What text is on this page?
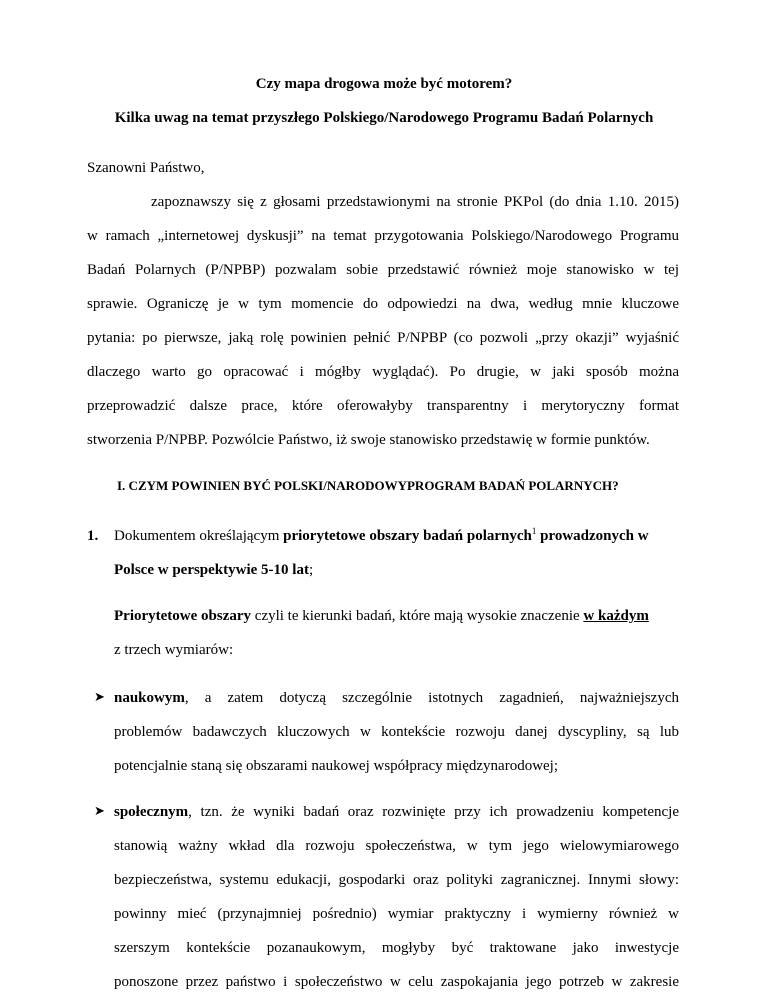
Czy mapa drogowa może być motorem?
Kilka uwag na temat przyszłego Polskiego/Narodowego Programu Badań Polarnych
Szanowni Państwo,
zapoznawszy się z głosami przedstawionymi na stronie PKPol (do dnia 1.10. 2015)
w ramach „internetowej dyskusji” na temat przygotowania Polskiego/Narodowego Programu
Badań Polarnych (P/NPBP) pozwalam sobie przedstawić również moje stanowisko w tej
sprawie. Ograniczę je w tym momencie do odpowiedzi na dwa, według mnie kluczowe
pytania: po pierwsze, jaką rolę powinien pełnić P/NPBP (co pozwoli „przy okazji” wyjaśnić
dlaczego warto go opracować i mógłby wyglądać). Po drugie, w jaki sposób można
przeprowadzić dalsze prace, które oferowałyby transparentny i merytoryczny format
stworzenia P/NPBP. Pozwólcie Państwo, iż swoje stanowisko przedstawię w formie punktów.
I. CZYM POWINIEN BYĆ POLSKI/NARODOWYPROGRAM BADAŃ POLARNYCH?
1. Dokumentem określającym priorytetowe obszary badań polarnych$^1$ prowadzonych w
Polsce w perspektywie 5-10 lat;
Priorytetowe obszary czyli te kierunki badań, które mają wysokie znaczenie w każdym
z trzech wymiarów:
➤ naukowym, a zatem dotyczą szczególnie istotnych zagadnień, najważniejszych
problemów badawczych kluczowych w kontekście rozwoju danej dyscypliny, są lub
potencjalnie staną się obszarami naukowej współpracy międzynarodowej;
➤ społecznym, tzn. że wyniki badań oraz rozwinięte przy ich prowadzeniu kompetencje
stanowią ważny wkład dla rozwoju społeczeństwa, w tym jego wielowymiarowego
bezpieczeństwa, systemu edukacji, gospodarki oraz polityki zagranicznej. Innymi słowy:
powinny mieć (przynajmniej pośrednio) wymiar praktyczny i wymierny również w
szerszym kontekście pozanaukowym, mogłyby być traktowane jako inwestycje
ponoszone przez państwo i społeczeństwo w celu zaspokajania jego potrzeb w zakresie
